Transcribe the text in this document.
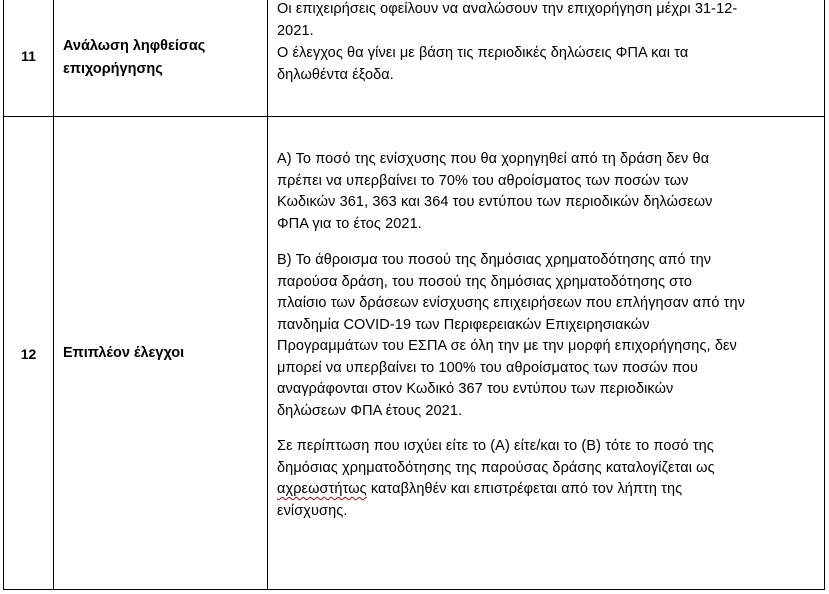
11
Ανάλωση ληφθείσας
επιχορήγησης
Οι επιχειρήσεις οφείλουν να αναλώσουν την επιχορήγηση μέχρι 31-12-
2021.
Ο έλεγχος θα γίνει με βάση τις περιοδικές δηλώσεις ΦΠΑ και τα
δηλωθέντα έξοδα.
12	Επιπλέον έλεγχοι
Α) Το ποσό της ενίσχυσης που θα χορηγηθεί από τη δράση δεν θα
πρέπει να υπερβαίνει το 70% του αθροίσματος των ποσών των
Κωδικών 361, 363 και 364 του εντύπου των περιοδικών δηλώσεων
ΦΠΑ για το έτος 2021.
Β) Το άθροισμα του ποσού της δημόσιας χρηματοδότησης από την
παρούσα δράση, του ποσού της δημόσιας χρηματοδότησης στο
πλαίσιο των δράσεων ενίσχυσης επιχειρήσεων που επλήγησαν από την
πανδημία COVID-19 των Περιφερειακών Επιχειρησιακών
Προγραμμάτων του ΕΣΠΑ σε όλη την με την μορφή επιχορήγησης, δεν
μπορεί να υπερβαίνει το 100% του αθροίσματος των ποσών που
αναγράφονται στον Κωδικό 367 του εντύπου των περιοδικών
δηλώσεων ΦΠΑ έτους 2021.
Σε περίπτωση που ισχύει είτε το (Α) είτε/και το (Β) τότε το ποσό της
δημόσιας χρηματοδότησης της παρούσας δράσης καταλογίζεται ως
αχρεωστήτως καταβληθέν και επιστρέφεται από τον λήπτη της
ενίσχυσης.
